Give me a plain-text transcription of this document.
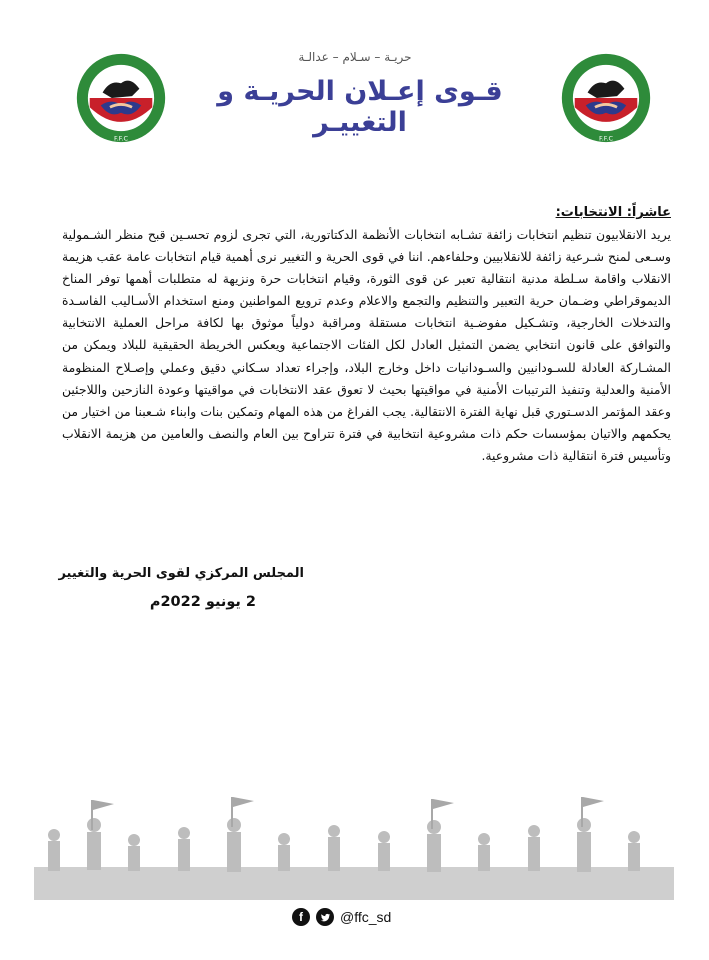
F.F.C	F.F.C
حريـة – سـلام – عدالـة
قـوى إعـلان الحريـة و التغييـر
عاشراً: الانتخابات:

يريد الانقلابيون تنظيم انتخابات زائفة تشـابه انتخابات الأنظمة الدكتاتورية، التي تجرى لزوم تحسـين قبح منظر الشـمولية وسـعى لمنح شـرعية زائفة للانقلابيين وحلفاءهم. اننا في قوى الحرية و التغيير نرى أهمية قيام انتخابات عامة عقب هزيمة الانقلاب واقامة سـلطة مدنية انتقالية تعبر عن قوى الثورة، وقيام انتخابات حرة ونزيهة له متطلبات أهمها توفر المناخ الديموقراطي وضـمان حرية التعبير والتنظيم والتجمع والاعلام وعدم ترويع المواطنين ومنع استخدام الأسـاليب الفاسـدة والتدخلات الخارجية، وتشـكيل مفوضـية انتخابات مستقلة ومراقبة دولياً موثوق بها لكافة مراحل العملية الانتخابية والتوافق على قانون انتخابي يضمن التمثيل العادل لكل الفئات الاجتماعية ويعكس الخريطة الحقيقية للبلاد ويمكن من المشـاركة العادلة للسـودانيين والسـودانيات داخل وخارج البلاد، وإجراء تعداد سـكاني دقيق وعملي وإصـلاح المنظومة الأمنية والعدلية وتنفيذ الترتيبات الأمنية في مواقيتها بحيث لا تعوق عقد الانتخابات في مواقيتها وعودة النازحين واللاجئين وعقد المؤتمر الدسـتوري قبل نهاية الفترة الانتقالية. يجب الفراغ من هذه المهام وتمكين بنات وابناء شـعبنا من اختيار من يحكمهم والاتيان بمؤسسات حكم ذات مشروعية انتخابية في فترة تتراوح بين العام والنصف والعامين من هزيمة الانقلاب وتأسيس فترة انتقالية ذات مشروعية.

المجلس المركزي لقوى الحرية والتغيير
2 يونيو 2022م
f	@ffc_sd
